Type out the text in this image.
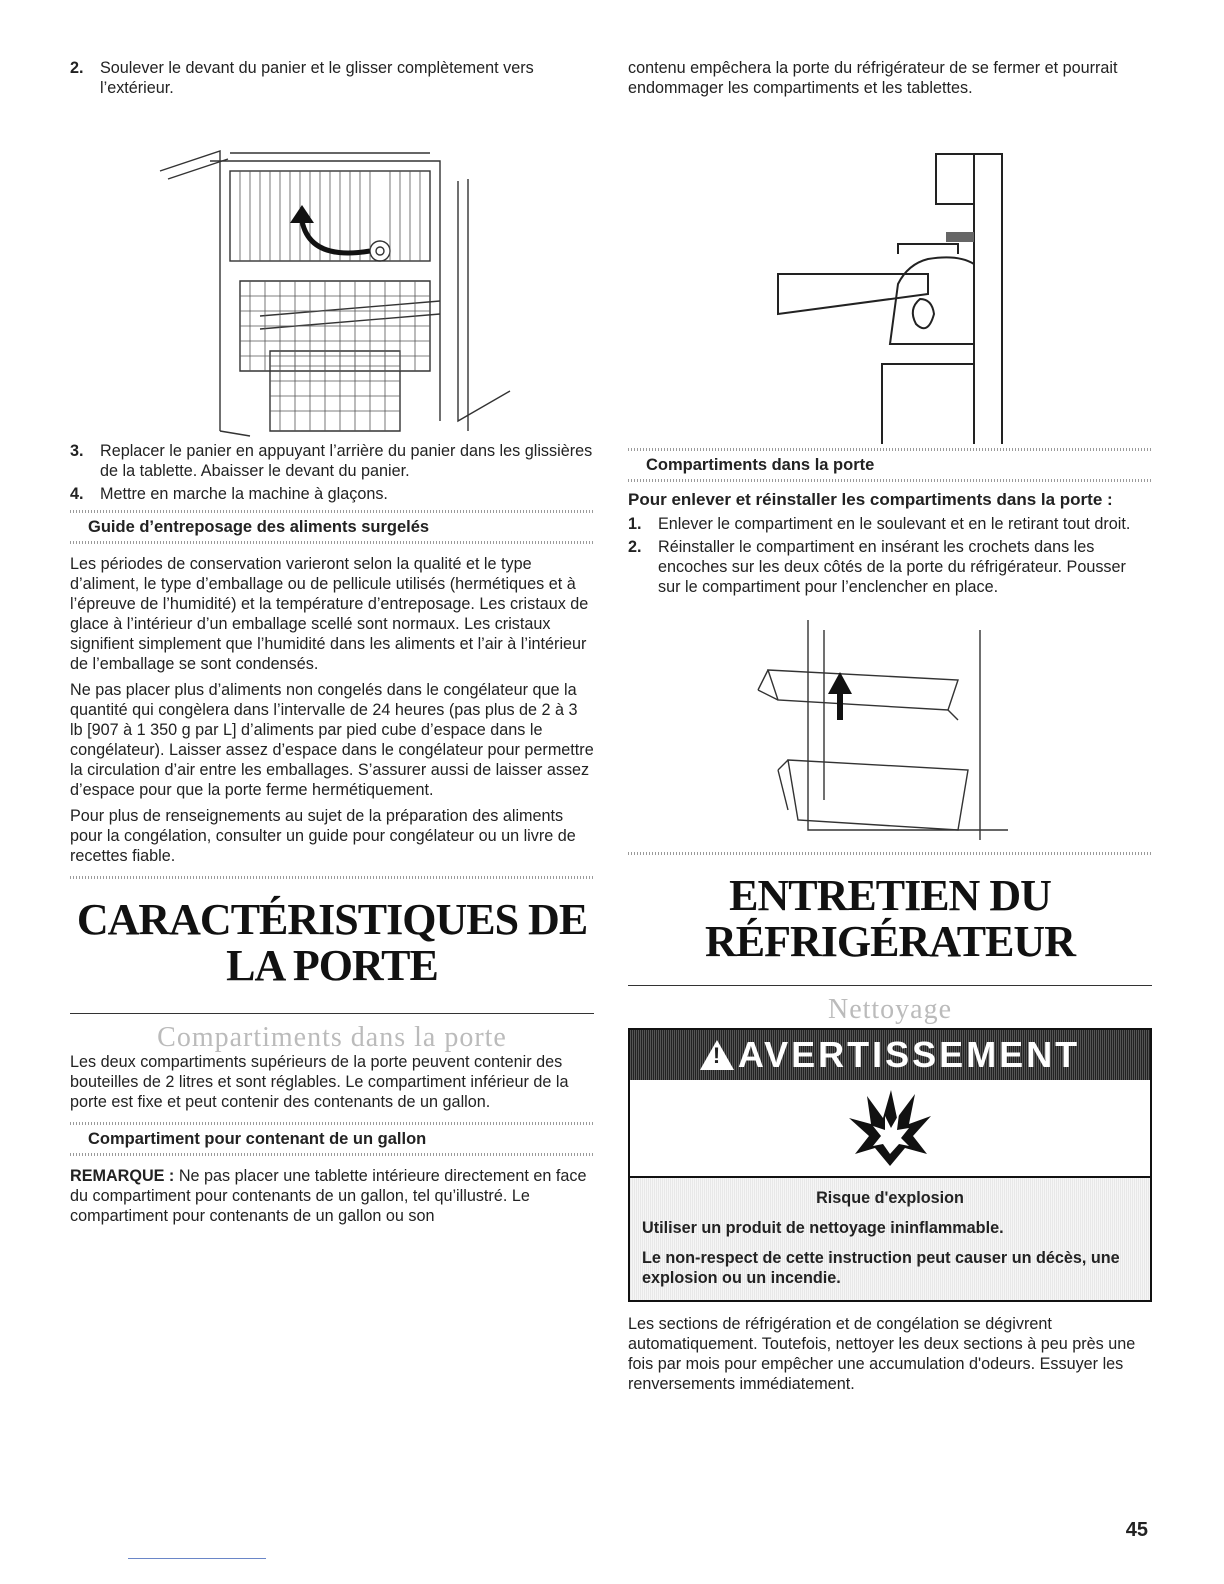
2.	Soulever le devant du panier et le glisser complètement vers l’extérieur.
3.	Replacer le panier en appuyant l’arrière du panier dans les glissières de la tablette. Abaisser le devant du panier.
4.	Mettre en marche la machine à glaçons.
Guide d’entreposage des aliments surgelés

Les périodes de conservation varieront selon la qualité et le type d’aliment, le type d’emballage ou de pellicule utilisés (hermétiques et à l’épreuve de l’humidité) et la température d’entreposage. Les cristaux de glace à l’intérieur d’un emballage scellé sont normaux. Les cristaux signifient simplement que l’humidité dans les aliments et l’air à l’intérieur de l’emballage se sont condensés.

Ne pas placer plus d’aliments non congelés dans le congélateur que la quantité qui congèlera dans l’intervalle de 24 heures (pas plus de 2 à 3 lb [907 à 1 350 g par L] d’aliments par pied cube d’espace dans le congélateur). Laisser assez d’espace dans le congélateur pour permettre la circulation d’air entre les emballages. S’assurer aussi de laisser assez d’espace pour que la porte ferme hermétiquement.

Pour plus de renseignements au sujet de la préparation des aliments pour la congélation, consulter un guide pour congélateur ou un livre de recettes fiable.

CARACTÉRISTIQUES DE
LA PORTE
Compartiments dans la porte

Les deux compartiments supérieurs de la porte peuvent contenir des bouteilles de 2 litres et sont réglables. Le compartiment inférieur de la porte est fixe et peut contenir des contenants de un gallon.

Compartiment pour contenant de un gallon

REMARQUE : Ne pas placer une tablette intérieure directement en face du compartiment pour contenants de un gallon, tel qu’illustré. Le compartiment pour contenants de un gallon ou son

contenu empêchera la porte du réfrigérateur de se fermer et pourrait endommager les compartiments et les tablettes.

Compartiments dans la porte
Pour enlever et réinstaller les compartiments dans la porte :
1.	Enlever le compartiment en le soulevant et en le retirant tout droit.
2.	Réinstaller le compartiment en insérant les crochets dans les encoches sur les deux côtés de la porte du réfrigérateur. Pousser sur le compartiment pour l’enclencher en place.
ENTRETIEN DU
RÉFRIGÉRATEUR
Nettoyage
! AVERTISSEMENT

Risque d'explosion

Utiliser un produit de nettoyage ininflammable.

Le non-respect de cette instruction peut causer un décès, une explosion ou un incendie.

Les sections de réfrigération et de congélation se dégivrent automatiquement. Toutefois, nettoyer les deux sections à peu près une fois par mois pour empêcher une accumulation d'odeurs. Essuyer les renversements immédiatement.

45
